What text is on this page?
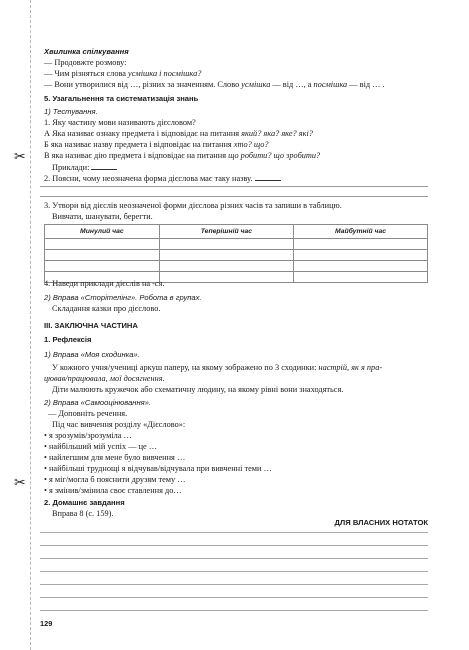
✂
✂
Хвилинка спілкування
— Продовжте розмову:
— Чим різняться слова усмішка і посмішка?
— Вони утворилися від …, різних за значенням. Слово усмішка — від …, а посмішка — від … .
5. Узагальнення та систематизація знань
1) Тестування.
1. Яку частину мови називають дієсловом?
А Яка називає ознаку предмета і відповідає на питання який? яка? яке? які?
Б яка називає назву предмета і відповідає на питання хто? що?
В яка називає дію предмета і відповідає на питання що робити? що зробити?
Приклади:
2. Поясни, чому неозначена форма дієслова має таку назву.
3. Утвори від дієслів неозначеної форми дієслова різних часів та запиши в таблицю.
Вивчати, шанувати, берегти.
Минулий час	Теперішній час	Майбутній час

4. Наведи приклади дієслів на -ся.
2) Вправа «Сторітелінг». Робота в групах.
Складання казки про дієслово.
III. ЗАКЛЮЧНА ЧАСТИНА
1. Рефлексія
1) Вправа «Моя сходинка».
У кожного учня/учениці аркуш паперу, на якому зображено по 3 сходинки: настрій, як я пра-
цював/працювала, мої досягнення.
Діти малюють кружечок або схематичну людину, на якому рівні вони знаходяться.
2) Вправа «Самооцінювання».
— Доповніть речення.
Під час вивчення розділу «Дієслово»:
• я зрозумів/зрозуміла …
• найбільший мій успіх — це …
• найлегшим для мене було вивчення …
• найбільші труднощі я відчував/відчувала при вивченні теми …
• я міг/могла б пояснити друзям тему …
• я змінив/змінила своє ставлення до…
2. Домашнє завдання
Вправа 8 (с. 159).
ДЛЯ ВЛАСНИХ НОТАТОК
129
